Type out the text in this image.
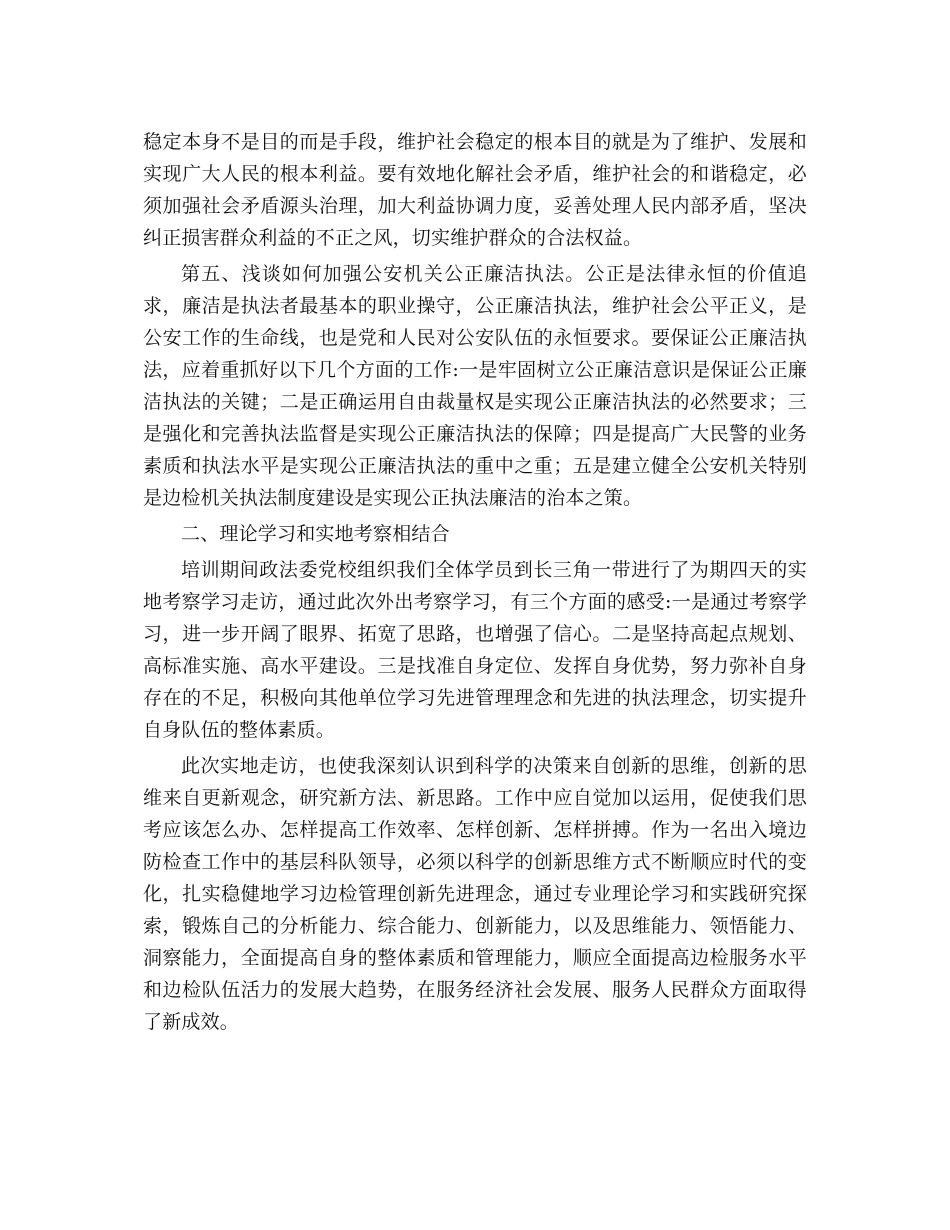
稳定本身不是目的而是手段，维护社会稳定的根本目的就是为了维护、发展和实现广大人民的根本利益。要有效地化解社会矛盾，维护社会的和谐稳定，必须加强社会矛盾源头治理，加大利益协调力度，妥善处理人民内部矛盾，坚决纠正损害群众利益的不正之风，切实维护群众的合法权益。

第五、浅谈如何加强公安机关公正廉洁执法。公正是法律永恒的价值追求，廉洁是执法者最基本的职业操守，公正廉洁执法，维护社会公平正义，是公安工作的生命线，也是党和人民对公安队伍的永恒要求。要保证公正廉洁执法，应着重抓好以下几个方面的工作:一是牢固树立公正廉洁意识是保证公正廉洁执法的关键；二是正确运用自由裁量权是实现公正廉洁执法的必然要求；三是强化和完善执法监督是实现公正廉洁执法的保障；四是提高广大民警的业务素质和执法水平是实现公正廉洁执法的重中之重；五是建立健全公安机关特别是边检机关执法制度建设是实现公正执法廉洁的治本之策。

二、理论学习和实地考察相结合

培训期间政法委党校组织我们全体学员到长三角一带进行了为期四天的实地考察学习走访，通过此次外出考察学习，有三个方面的感受:一是通过考察学习，进一步开阔了眼界、拓宽了思路，也增强了信心。二是坚持高起点规划、高标准实施、高水平建设。三是找准自身定位、发挥自身优势，努力弥补自身存在的不足，积极向其他单位学习先进管理理念和先进的执法理念，切实提升自身队伍的整体素质。

此次实地走访，也使我深刻认识到科学的决策来自创新的思维，创新的思维来自更新观念，研究新方法、新思路。工作中应自觉加以运用，促使我们思考应该怎么办、怎样提高工作效率、怎样创新、怎样拼搏。作为一名出入境边防检查工作中的基层科队领导，必须以科学的创新思维方式不断顺应时代的变化，扎实稳健地学习边检管理创新先进理念，通过专业理论学习和实践研究探索，锻炼自己的分析能力、综合能力、创新能力，以及思维能力、领悟能力、洞察能力，全面提高自身的整体素质和管理能力，顺应全面提高边检服务水平和边检队伍活力的发展大趋势，在服务经济社会发展、服务人民群众方面取得了新成效。
